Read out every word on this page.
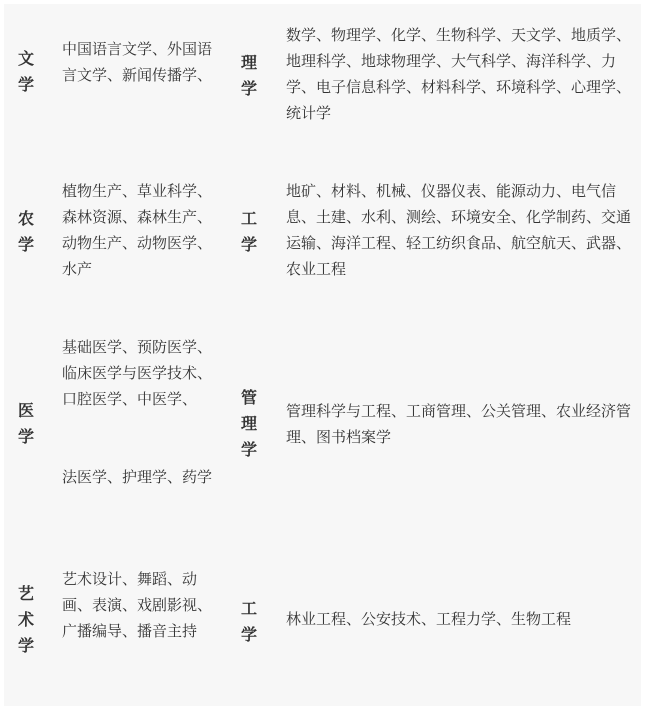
文
学
中国语言文学、外国语言文学、新闻传播学、
理
学
数学、物理学、化学、生物科学、天文学、地质学、地理科学、地球物理学、大气科学、海洋科学、力学、电子信息科学、材料科学、环境科学、心理学、统计学
农
学
植物生产、草业科学、森林资源、森林生产、动物生产、动物医学、水产
工
学
地矿、材料、机械、仪器仪表、能源动力、电气信息、土建、水利、测绘、环境安全、化学制药、交通运输、海洋工程、轻工纺织食品、航空航天、武器、农业工程
医
学
基础医学、预防医学、临床医学与医学技术、口腔医学、中医学、
法医学、护理学、药学
管
理
学
管理科学与工程、工商管理、公关管理、农业经济管理、图书档案学
艺
术
学
艺术设计、舞蹈、动画、表演、戏剧影视、广播编导、播音主持
工
学
林业工程、公安技术、工程力学、生物工程
